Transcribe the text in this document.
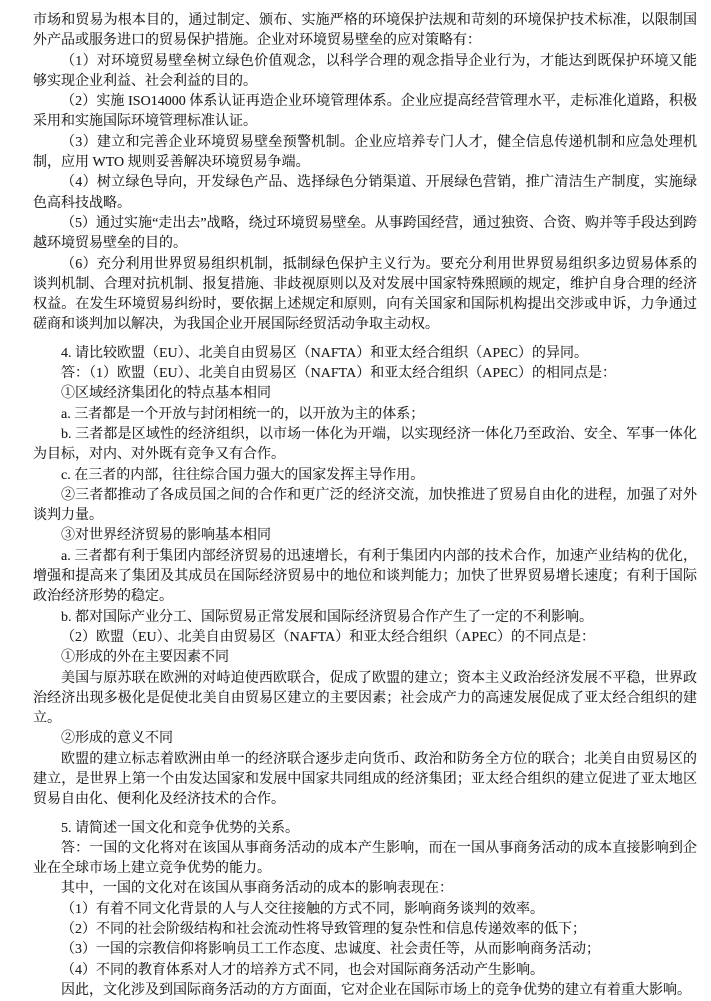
市场和贸易为根本目的，通过制定、颁布、实施严格的环境保护法规和苛刻的环境保护技术标准，以限制国外产品或服务进口的贸易保护措施。企业对环境贸易壁垒的应对策略有：
（1）对环境贸易壁垒树立绿色价值观念，以科学合理的观念指导企业行为，才能达到既保护环境又能够实现企业利益、社会利益的目的。
（2）实施 ISO14000 体系认证再造企业环境管理体系。企业应提高经营管理水平，走标准化道路，积极采用和实施国际环境管理标准认证。
（3）建立和完善企业环境贸易壁垒预警机制。企业应培养专门人才，健全信息传递机制和应急处理机制，应用 WTO 规则妥善解决环境贸易争端。
（4）树立绿色导向，开发绿色产品、选择绿色分销渠道、开展绿色营销，推广清洁生产制度，实施绿色高科技战略。
（5）通过实施“走出去”战略，绕过环境贸易壁垒。从事跨国经营，通过独资、合资、购并等手段达到跨越环境贸易壁垒的目的。
（6）充分利用世界贸易组织机制，抵制绿色保护主义行为。要充分利用世界贸易组织多边贸易体系的谈判机制、合理对抗机制、报复措施、非歧视原则以及对发展中国家特殊照顾的规定，维护自身合理的经济权益。在发生环境贸易纠纷时，要依据上述规定和原则，向有关国家和国际机构提出交涉或申诉，力争通过磋商和谈判加以解决，为我国企业开展国际经贸活动争取主动权。
4. 请比较欧盟（EU）、北美自由贸易区（NAFTA）和亚太经合组织（APEC）的异同。
答：（1）欧盟（EU）、北美自由贸易区（NAFTA）和亚太经合组织（APEC）的相同点是：
①区域经济集团化的特点基本相同
a. 三者都是一个开放与封闭相统一的，以开放为主的体系；
b. 三者都是区域性的经济组织，以市场一体化为开端，以实现经济一体化乃至政治、安全、军事一体化为目标，对内、对外既有竞争又有合作。
c. 在三者的内部，往往综合国力强大的国家发挥主导作用。
②三者都推动了各成员国之间的合作和更广泛的经济交流，加快推进了贸易自由化的进程，加强了对外谈判力量。
③对世界经济贸易的影响基本相同
a. 三者都有利于集团内部经济贸易的迅速增长，有利于集团内内部的技术合作，加速产业结构的优化，增强和提高来了集团及其成员在国际经济贸易中的地位和谈判能力；加快了世界贸易增长速度；有利于国际政治经济形势的稳定。
b. 都对国际产业分工、国际贸易正常发展和国际经济贸易合作产生了一定的不利影响。
（2）欧盟（EU）、北美自由贸易区（NAFTA）和亚太经合组织（APEC）的不同点是：
①形成的外在主要因素不同
美国与原苏联在欧洲的对峙迫使西欧联合，促成了欧盟的建立；资本主义政治经济发展不平稳，世界政治经济出现多极化是促使北美自由贸易区建立的主要因素；社会成产力的高速发展促成了亚太经合组织的建立。
②形成的意义不同
欧盟的建立标志着欧洲由单一的经济联合逐步走向货币、政治和防务全方位的联合；北美自由贸易区的建立，是世界上第一个由发达国家和发展中国家共同组成的经济集团；亚太经合组织的建立促进了亚太地区贸易自由化、便利化及经济技术的合作。
5. 请简述一国文化和竞争优势的关系。
答：一国的文化将对在该国从事商务活动的成本产生影响，而在一国从事商务活动的成本直接影响到企业在全球市场上建立竞争优势的能力。
其中，一国的文化对在该国从事商务活动的成本的影响表现在：
（1）有着不同文化背景的人与人交往接触的方式不同，影响商务谈判的效率。
（2）不同的社会阶级结构和社会流动性将导致管理的复杂性和信息传递效率的低下；
（3）一国的宗教信仰将影响员工工作态度、忠诚度、社会责任等，从而影响商务活动；
（4）不同的教育体系对人才的培养方式不同，也会对国际商务活动产生影响。
因此，文化涉及到国际商务活动的方方面面，它对企业在国际市场上的竞争优势的建立有着重大影响。
